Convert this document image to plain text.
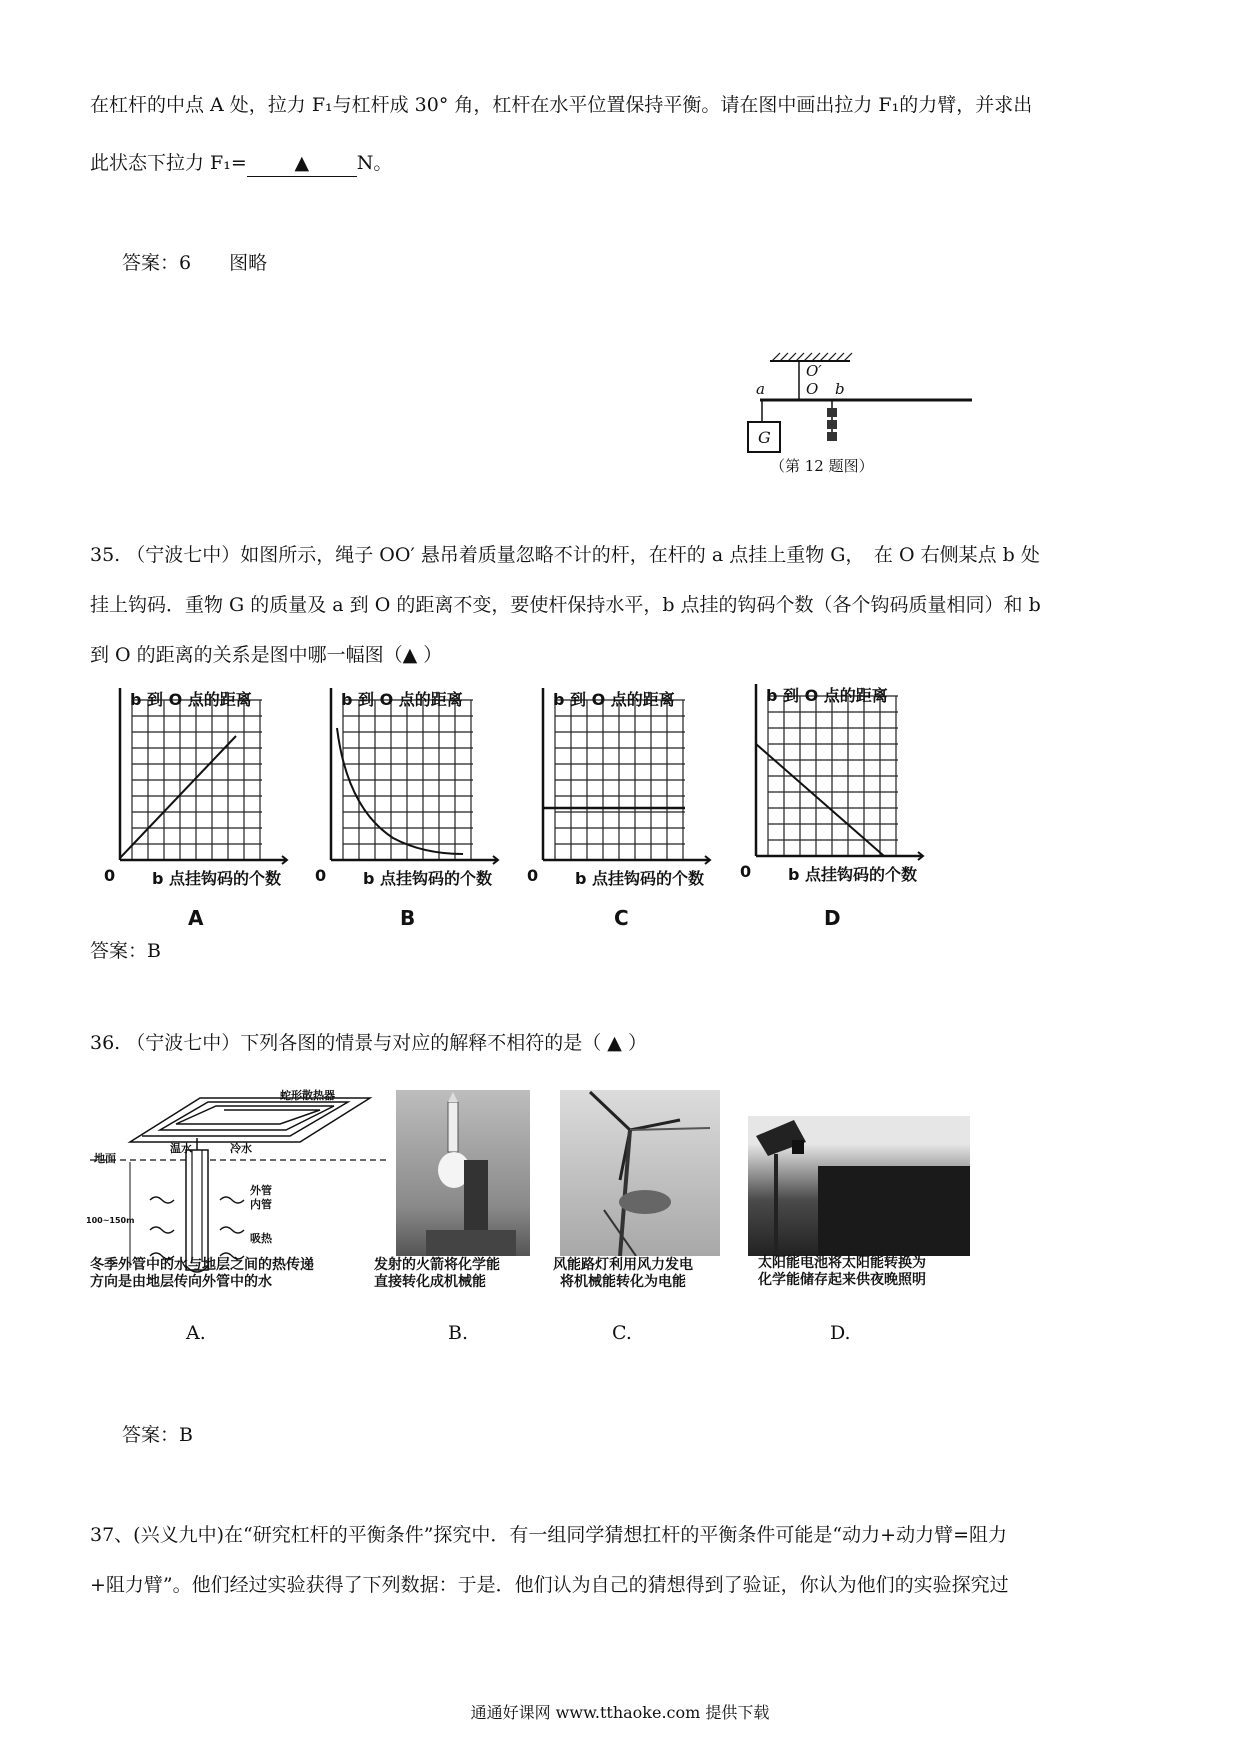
在杠杆的中点 A 处，拉力 F₁与杠杆成 30° 角，杠杆在水平位置保持平衡。请在图中画出拉力 F₁的力臂，并求出
此状态下拉力 F₁=	▲	N。
答案：6　　图略
O′
O
a	b
G
（第 12 题图）
35. （宁波七中）如图所示，绳子 OO′ 悬吊着质量忽略不计的杆，在杆的 a 点挂上重物 G，　在 O 右侧某点 b 处
挂上钩码．重物 G 的质量及 a 到 O 的距离不变，要使杆保持水平，b 点挂的钩码个数（各个钩码质量相同）和 b
到 O 的距离的关系是图中哪一幅图（▲ ）
b 到 O 点的距离
0 b 点挂钩码的个数
A
b 到 O 点的距离
0 b 点挂钩码的个数
B
b 到 O 点的距离
0 b 点挂钩码的个数
C
b 到 O 点的距离
0 b 点挂钩码的个数
D
答案：B
36. （宁波七中）下列各图的情景与对应的解释不相符的是（ ▲ ）
蛇形散热器
温水	冷水
地面
外管
内管
100~150m
吸热
冬季外管中的水与地层之间的热传递
方向是由地层传向外管中的水
发射的火箭将化学能
直接转化成机械能
风能路灯利用风力发电
将机械能转化为电能
太阳能电池将太阳能转换为
化学能储存起来供夜晚照明
A.	B.	C.	D.
答案：B
37、(兴义九中)在“研究杠杆的平衡条件”探究中．有一组同学猜想扛杆的平衡条件可能是“动力+动力臂=阻力
+阻力臂”。他们经过实验获得了下列数据：于是．他们认为自己的猜想得到了验证，你认为他们的实验探究过
通通好课网 www.tthaoke.com 提供下载
